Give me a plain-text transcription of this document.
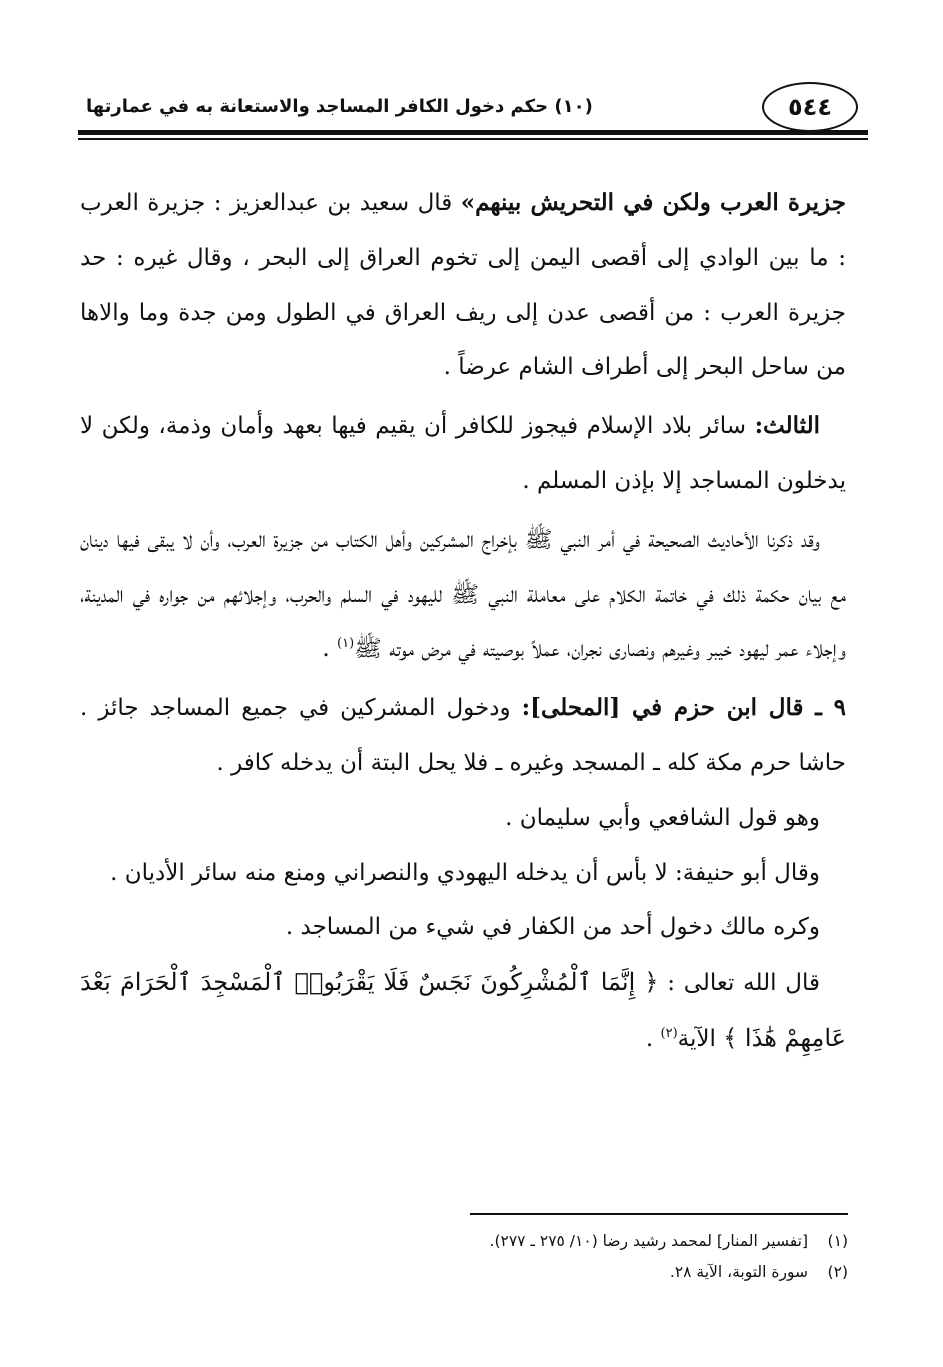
٥٤٤
(١٠) حكم دخول الكافر المساجد والاستعانة به في عمارتها

جزيرة العرب ولكن في التحريش بينهم» قال سعيد بن عبدالعزيز : جزيرة العرب : ما بين الوادي إلى أقصى اليمن إلى تخوم العراق إلى البحر ، وقال غيره : حد جزيرة العرب : من أقصى عدن إلى ريف العراق في الطول ومن جدة وما والاها من ساحل البحر إلى أطراف الشام عرضاً .

الثالث: سائر بلاد الإسلام فيجوز للكافر أن يقيم فيها بعهد وأمان وذمة، ولكن لا يدخلون المساجد إلا بإذن المسلم .

وقد ذكرنا الأحاديث الصحيحة في أمر النبي ﷺ بإخراج المشركين وأهل الكتاب من جزيرة العرب، وأن لا يبقى فيها دينان مع بيان حكمة ذلك في خاتمة الكلام على معاملة النبي ﷺ لليهود في السلم والحرب، وإجلائهم من جواره في المدينة، وإجلاء عمر ليهود خيبر وغيرهم ونصارى نجران، عملاً بوصيته في مرض موته ﷺ$^{(١)}$ .

٩ ـ قال ابن حزم في [المحلى]: ودخول المشركين في جميع المساجد جائز . حاشا حرم مكة كله ـ المسجد وغيره ـ فلا يحل البتة أن يدخله كافر .

وهو قول الشافعي وأبي سليمان .

وقال أبو حنيفة: لا بأس أن يدخله اليهودي والنصراني ومنع منه سائر الأديان .

وكره مالك دخول أحد من الكفار في شيء من المساجد .

قال الله تعالى : ﴿ إِنَّمَا ٱلْمُشْرِكُونَ نَجَسٌ فَلَا يَقْرَبُوا۟ ٱلْمَسْجِدَ ٱلْحَرَامَ بَعْدَ عَامِهِمْ هَٰذَا ﴾ الآية$^{(٢)}$ .

(١)
[تفسير المنار] لمحمد رشيد رضا (١٠/ ٢٧٥ ـ ٢٧٧).
(٢)
سورة التوبة، الآية ٢٨.
